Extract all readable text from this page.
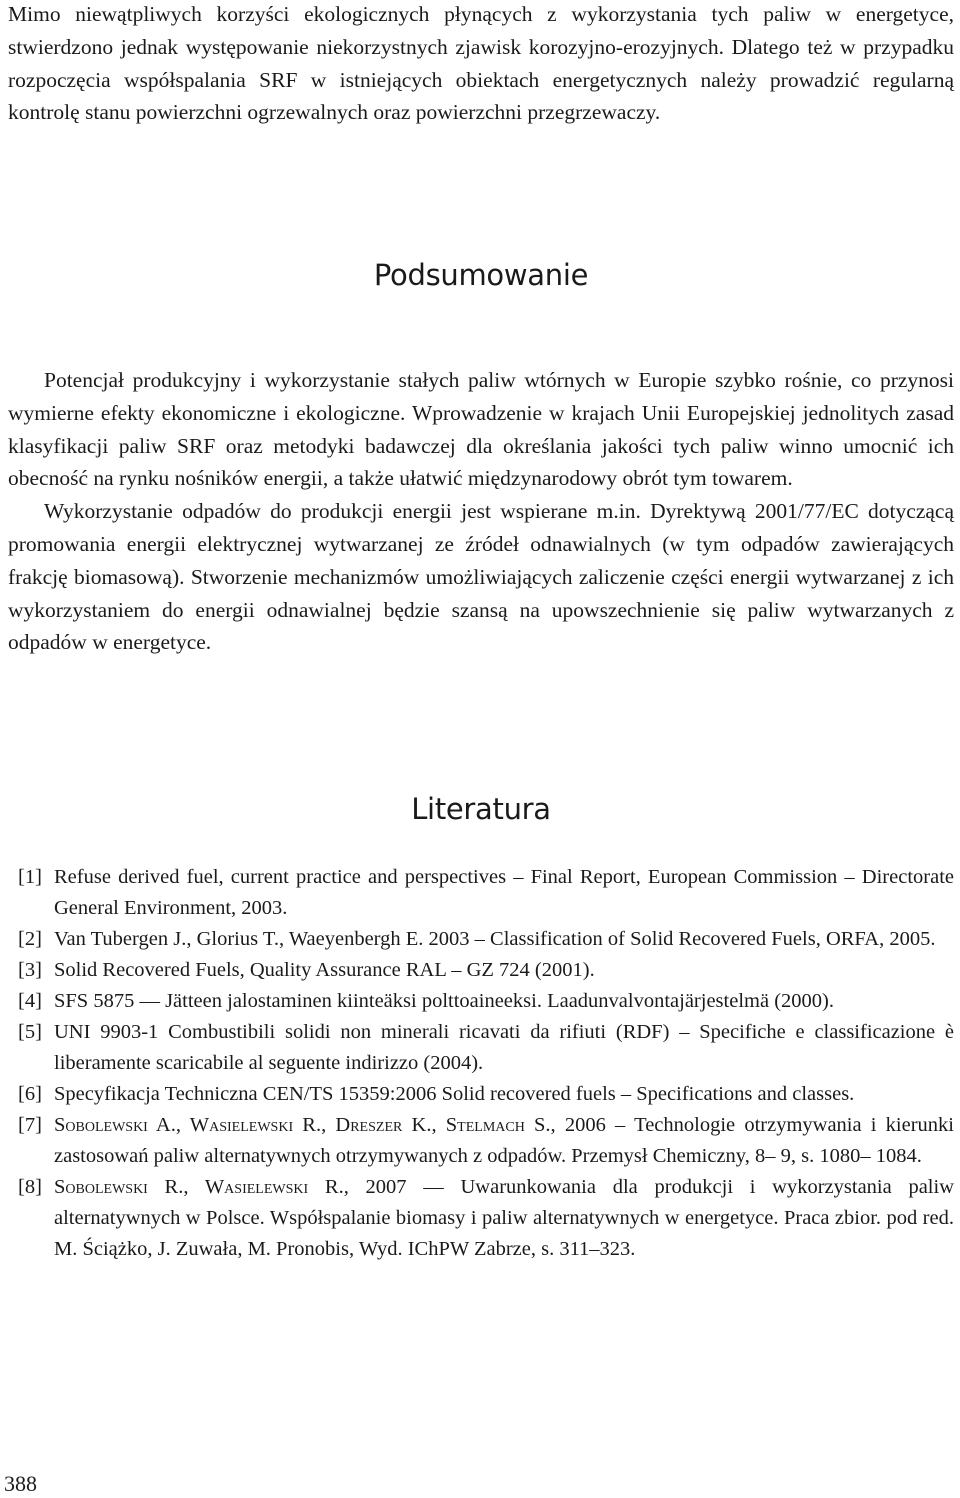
Mimo niewątpliwych korzyści ekologicznych płynących z wykorzystania tych paliw w energetyce, stwierdzono jednak występowanie niekorzystnych zjawisk korozyjno-erozyjnych. Dlatego też w przypadku rozpoczęcia współspalania SRF w istniejących obiektach energetycznych należy prowadzić regularną kontrolę stanu powierzchni ogrzewalnych oraz powierzchni przegrzewaczy.

Podsumowanie

Potencjał produkcyjny i wykorzystanie stałych paliw wtórnych w Europie szybko rośnie, co przynosi wymierne efekty ekonomiczne i ekologiczne. Wprowadzenie w krajach Unii Europejskiej jednolitych zasad klasyfikacji paliw SRF oraz metodyki badawczej dla określania jakości tych paliw winno umocnić ich obecność na rynku nośników energii, a także ułatwić międzynarodowy obrót tym towarem.

Wykorzystanie odpadów do produkcji energii jest wspierane m.in. Dyrektywą 2001/77/EC dotyczącą promowania energii elektrycznej wytwarzanej ze źródeł odnawialnych (w tym odpadów zawierających frakcję biomasową). Stworzenie mechanizmów umożliwiających zaliczenie części energii wytwarzanej z ich wykorzystaniem do energii odnawialnej będzie szansą na upowszechnienie się paliw wytwarzanych z odpadów w energetyce.

Literatura
[1] Refuse derived fuel, current practice and perspectives – Final Report, European Commission – Directorate General Environment, 2003.
[2] Van Tubergen J., Glorius T., Waeyenbergh E. 2003 – Classification of Solid Recovered Fuels, ORFA, 2005.
[3] Solid Recovered Fuels, Quality Assurance RAL – GZ 724 (2001).
[4] SFS 5875 — Jätteen jalostaminen kiinteäksi polttoaineeksi. Laadunvalvontajärjestelmä (2000).
[5] UNI 9903-1 Combustibili solidi non minerali ricavati da rifiuti (RDF) – Specifiche e classificazione è liberamente scaricabile al seguente indirizzo (2004).
[6] Specyfikacja Techniczna CEN/TS 15359:2006 Solid recovered fuels – Specifications and classes.
[7] Sobolewski A., Wasielewski R., Dreszer K., Stelmach S., 2006 – Technologie otrzymywania i kierunki zastosowań paliw alternatywnych otrzymywanych z odpadów. Przemysł Chemiczny, 8– 9, s. 1080– 1084.
[8] Sobolewski R., Wasielewski R., 2007 — Uwarunkowania dla produkcji i wykorzystania paliw alternatywnych w Polsce. Współspalanie biomasy i paliw alternatywnych w energetyce. Praca zbior. pod red. M. Ściążko, J. Zuwała, M. Pronobis, Wyd. IChPW Zabrze, s. 311–323.
388
